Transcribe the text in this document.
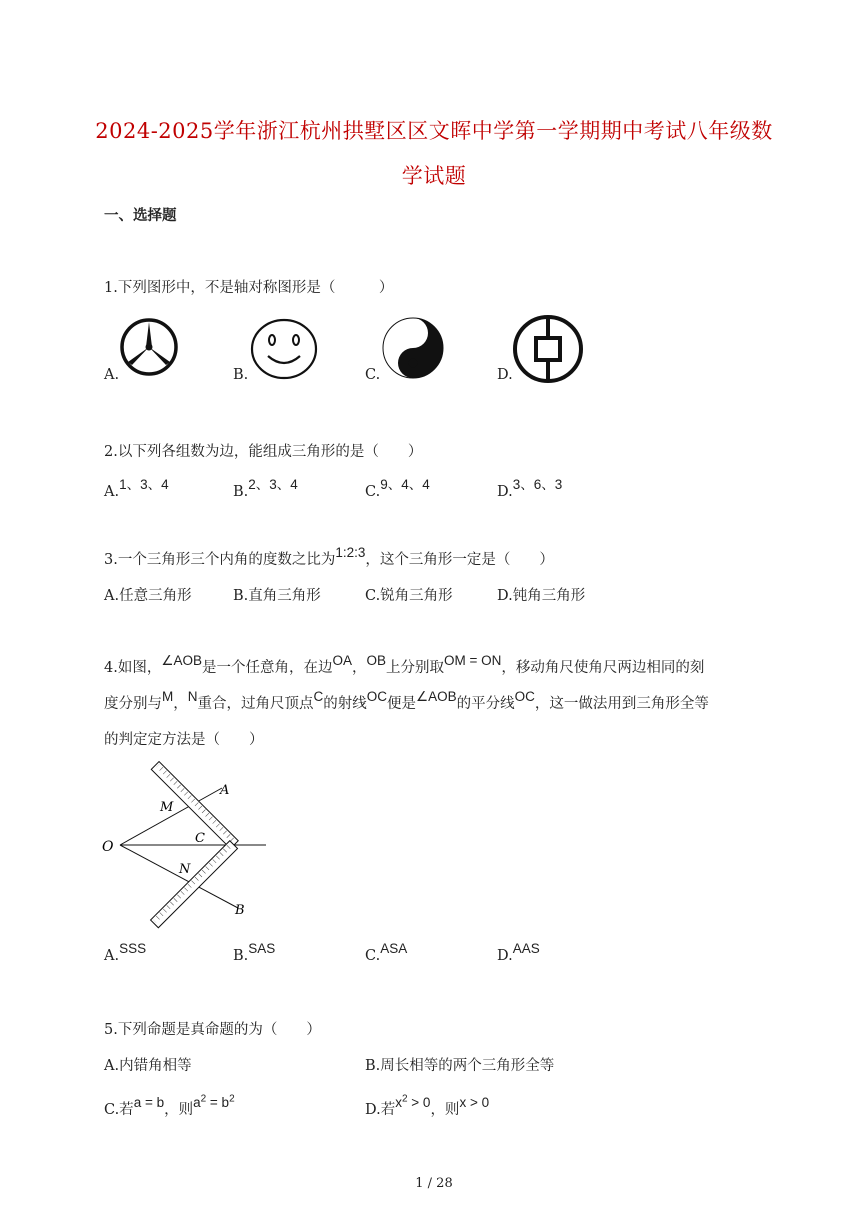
2024-2025学年浙江杭州拱墅区区文晖中学第一学期期中考试八年级数
学试题
一、选择题
1.下列图形中，不是轴对称图形是（　　　）
A.	B.	C.	D.
2.以下列各组数为边，能组成三角形的是（　　）
A.1、3、4	B.2、3、4	C.9、4、4	D.3、6、3
3.一个三角形三个内角的度数之比为1:2:3，这个三角形一定是（　　）
A.任意三角形	B.直角三角形	C.锐角三角形	D.钝角三角形
4.如图，∠AOB是一个任意角，在边OA，OB上分别取OM = ON，移动角尺使角尺两边相同的刻
度分别与M，N重合，过角尺顶点C的射线OC便是∠AOB的平分线OC，这一做法用到三角形全等
的判定定方法是（　　）
O
A
B
M
N
C
A.SSS	B.SAS	C.ASA	D.AAS
5.下列命题是真命题的为（　　）
A.内错角相等	B.周长相等的两个三角形全等
C.若a = b，则$a^2 = b^2$
D.若$x^2 > 0$，则x > 0
1 / 28
